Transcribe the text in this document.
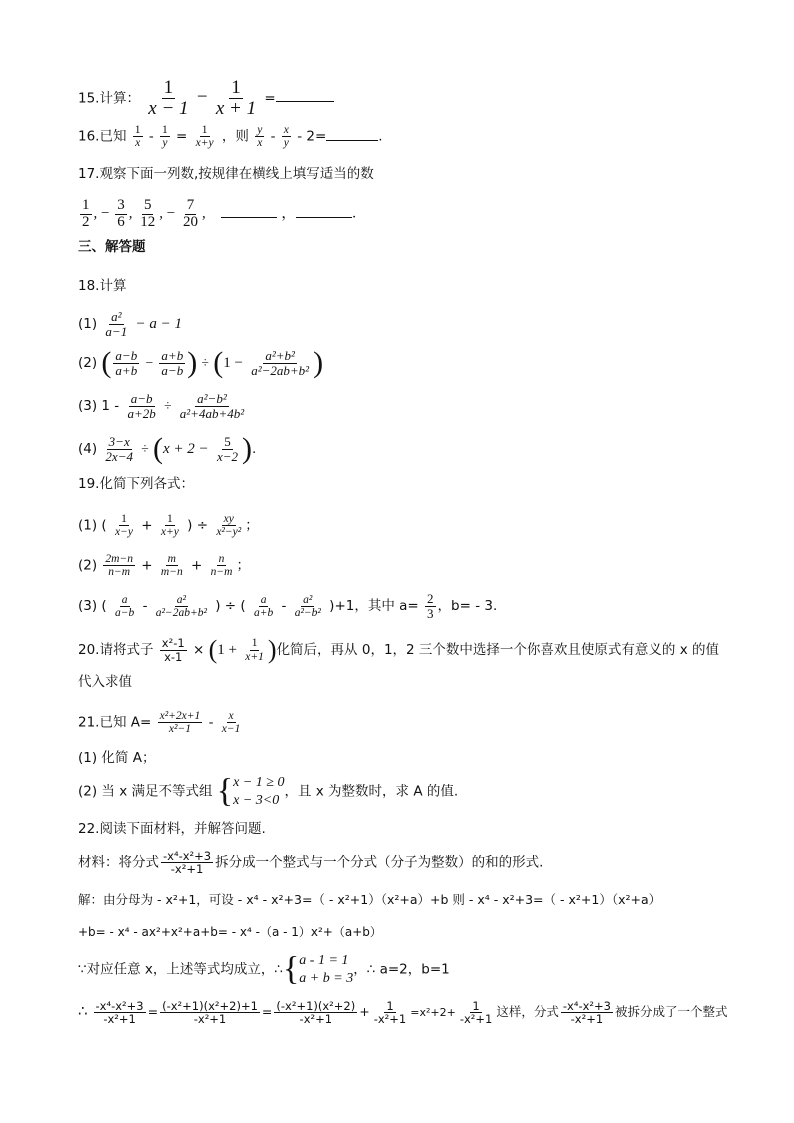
15.计算： $\frac{1}{x - 1} - \frac{1}{x + 1}$ =
16.已知 $\frac{1}{x} - \frac{1}{y} = \frac{1}{x+y}$ ，则 $\frac{y}{x} - \frac{x}{y} - 2=$	.
17.观察下面一列数,按规律在横线上填写适当的数
$\frac{1}{2}$ , − $\frac{3}{6}$ , $\frac{5}{12}$ , − $\frac{7}{20}$ ,	，	.
三、解答题
18.计算
$(1) \frac{\text{a²}}{a-1} - a - 1$
(2) ( $\frac{a-b}{a+b} - \frac{a+b}{a-b}$ ) ÷ ($1 - \frac{\text{a²+b²}}{\text{a²−2ab+b²}}$ )
(3) $1 - \frac{a-b}{a+2b} \div \frac{\text{a²−b²}}{\text{a²+4ab+4b²}}$
$(4) \frac{3-x}{2x-4} \div (x + 2 - \frac{5}{x-2}$ ).
19.化简下列各式：
(1) ( $\frac{1}{x-y} + \frac{1}{x+y}$ ) ÷ $\frac{xy}{\text{x²−y²}}$ ；
$(2) \frac{2m-n}{n-m} + \frac{m}{m-n} + \frac{n}{n-m}$ ；
(3) ( $\frac{a}{a-b} - \frac{\text{a²}}{\text{a²−2ab+b²}}$ ) ÷ ( $\frac{a}{a+b} - \frac{\text{a²}}{\text{a²−b²}} )+1$，其中 $a= \frac{2}{3}$ ，b= - 3.
20.请将式子 $\frac{\text{x²-1}}{x-1} \times (1 + \frac{1}{x+1}$ )化简后，再从 0，1，2 三个数中选择一个你喜欢且使原式有意义的 x 的值
代入求值
21.已知 $A= \frac{\text{x²+2x+1}}{\text{x²−1}} - \frac{x}{x-1}$
(1) 化简 A；
(2) 当 x 满足不等式组 { x − 1 ≥ 0
x − 3<0
，且 x 为整数时，求 A 的值.
22.阅读下面材料，并解答问题.
材料：将分式 $\frac{\text{-x⁴-x²+3}}{\text{-x²+1}}$ 拆分成一个整式与一个分式（分子为整数）的和的形式.
解：由分母为 - x²+1，可设 - x⁴ - x²+3=（ - x²+1）（x²+a）+b 则 - x⁴ - x²+3=（ - x²+1）（x²+a）
+b= - x⁴ - ax²+x²+a+b= - x⁴ -（a - 1）x²+（a+b）
∵对应任意 x，上述等式均成立，∴{ a - 1 = 1
a + b = 3
，∴ a=2，b=1
∴ $\frac{\text{-x⁴-x²+3}}{\text{-x²+1}} = \frac{\text{(-x²+1)(x²+2)+1}}{\text{-x²+1}} = \frac{\text{(-x²+1)(x²+2)}}{\text{-x²+1}} + \frac{1}{\text{-x²+1}} =x^2+2+ \frac{1}{\text{-x²+1}}$ 这样，分式 $\frac{\text{-x⁴-x²+3}}{\text{-x²+1}}$ 被拆分成了一个整式
